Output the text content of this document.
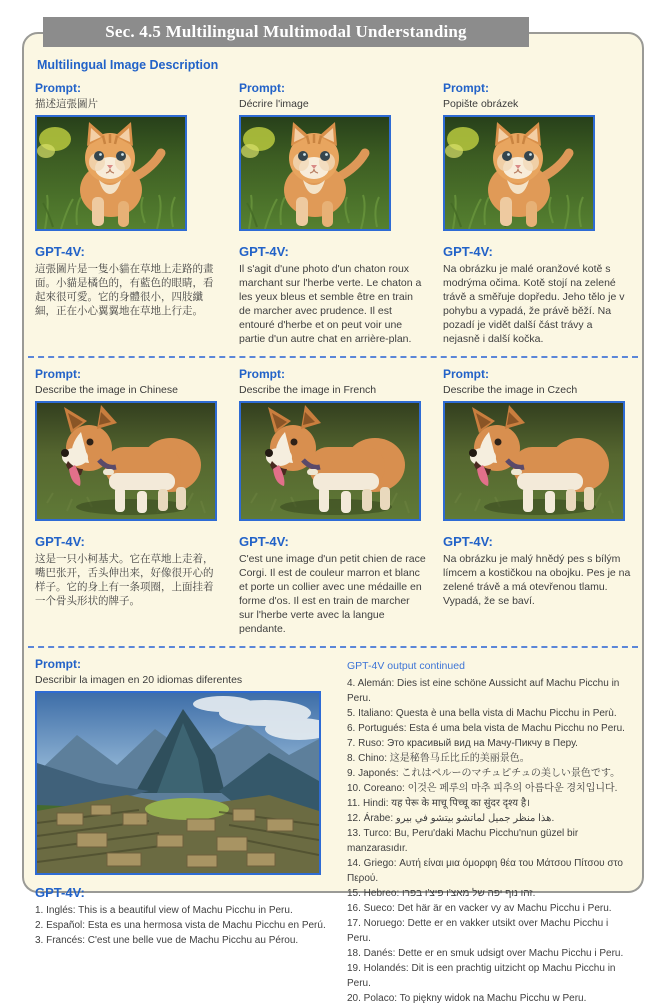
Sec. 4.5 Multilingual Multimodal Understanding
Multilingual Image Description
Prompt:
描述這張圖片
GPT-4V:
這張圖片是一隻小貓在草地上走路的畫面。小貓是橘色的，有藍色的眼睛，看起來很可愛。它的身體很小，四肢纖細，正在小心翼翼地在草地上行走。
Prompt:
Décrire l'image
GPT-4V:
Il s'agit d'une photo d'un chaton roux marchant sur l'herbe verte. Le chaton a les yeux bleus et semble être en train de marcher avec prudence. Il est entouré d'herbe et on peut voir une partie d'un autre chat en arrière-plan.
Prompt:
Popište obrázek
GPT-4V:
Na obrázku je malé oranžové kotě s modrýma očima. Kotě stojí na zelené trávě a směřuje dopředu. Jeho tělo je v pohybu a vypadá, že právě běží. Na pozadí je vidět další část trávy a nejasně i další kočka.
Prompt:
Describe the image in Chinese
GPT-4V:
这是一只小柯基犬。它在草地上走着，嘴巴张开，舌头伸出来，好像很开心的样子。它的身上有一条项圈，上面挂着一个骨头形状的牌子。
Prompt:
Describe the image in French
GPT-4V:
C'est une image d'un petit chien de race Corgi. Il est de couleur marron et blanc et porte un collier avec une médaille en forme d'os. Il est en train de marcher sur l'herbe verte avec la langue pendante.
Prompt:
Describe the image in Czech
GPT-4V:
Na obrázku je malý hnědý pes s bílým límcem a kostičkou na obojku. Pes je na zelené trávě a má otevřenou tlamu. Vypadá, že se baví.
Prompt:
Describir la imagen en 20 idiomas diferentes
GPT-4V:
1. Inglés: This is a beautiful view of Machu Picchu in Peru.
2. Español: Esta es una hermosa vista de Machu Picchu en Perú.
3. Francés: C'est une belle vue de Machu Picchu au Pérou.
GPT-4V output continued
4. Alemán: Dies ist eine schöne Aussicht auf Machu Picchu in Peru.
5. Italiano: Questa è una bella vista di Machu Picchu in Perù.
6. Portugués: Esta é uma bela vista de Machu Picchu no Peru.
7. Ruso: Это красивый вид на Мачу-Пикчу в Перу.
8. Chino: 这是秘鲁马丘比丘的美丽景色。
9. Japonés: これはペルーのマチュピチュの美しい景色です。
10. Coreano: 이것은 페루의 마추 피추의 아름다운 경치입니다.
11. Hindi: यह पेरू के माचू पिच्चू का सुंदर दृश्य है।
12. Árabe: هذا منظر جميل لماتشو بيتشو في بيرو.
13. Turco: Bu, Peru'daki Machu Picchu'nun güzel bir manzarasıdır.
14. Griego: Αυτή είναι μια όμορφη θέα του Μάτσου Πίτσου στο Περού.
15. Hebreo: זהו נוף יפה של מאצ'ו פיצ'ו בפרו.
16. Sueco: Det här är en vacker vy av Machu Picchu i Peru.
17. Noruego: Dette er en vakker utsikt over Machu Picchu i Peru.
18. Danés: Dette er en smuk udsigt over Machu Picchu i Peru.
19. Holandés: Dit is een prachtig uitzicht op Machu Picchu in Peru.
20. Polaco: To piękny widok na Machu Picchu w Peru.
